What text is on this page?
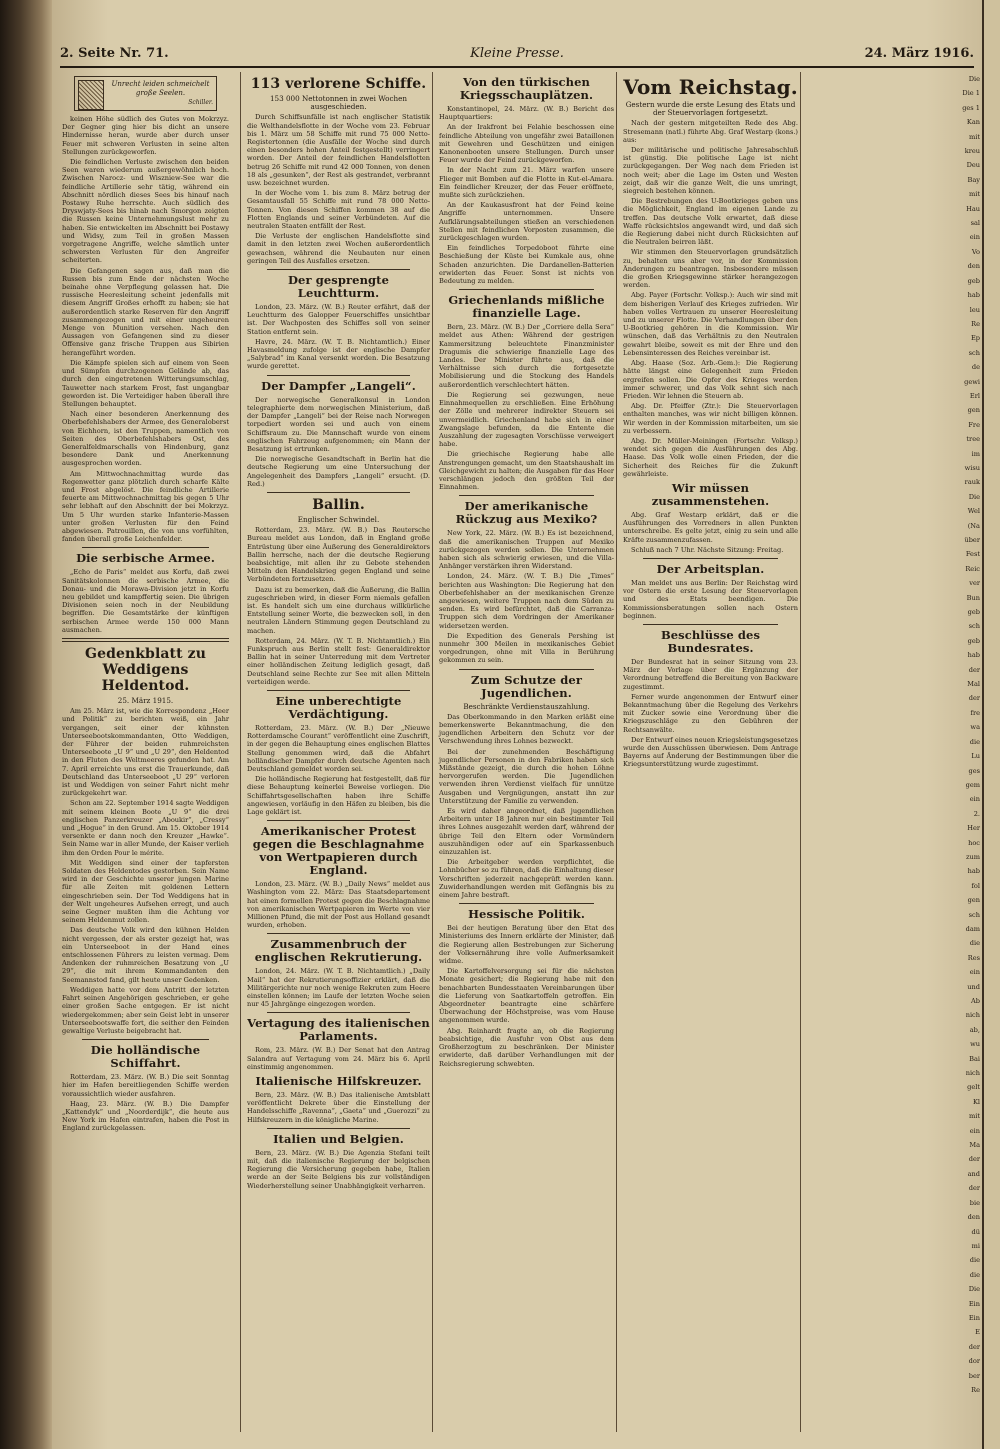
2. Seite Nr. 71.	Kleine Presse.	24. März 1916.
Unrecht leiden schmeichelt große Seelen.
Schiller.

keinen Höhe südlich des Gutes von Mokrzyz. Der Gegner ging hier bis dicht an unsere Hindernisse heran, wurde aber durch unser Feuer mit schweren Verlusten in seine alten Stellungen zurückgeworfen.

Die feindlichen Verluste zwischen den beiden Seen waren wiederum außergewöhnlich hoch. Zwischen Narocz- und Wiszniew-See war die feindliche Artillerie sehr tätig, während ein Abschnitt nördlich dieses Sees bis hinauf nach Postawy Ruhe herrschte. Auch südlich des Dryswjaty-Sees bis hinab nach Smorgon zeigten die Russen keine Unternehmungslust mehr zu haben. Sie entwickelten im Abschnitt bei Postawy und Widsy, zum Teil in großen Massen vorgetragene Angriffe, welche sämtlich unter schwersten Verlusten für den Angreifer scheiterten.

Die Gefangenen sagen aus, daß man die Russen bis zum Ende der nächsten Woche beinahe ohne Verpflegung gelassen hat. Die russische Heeresleitung scheint jedenfalls mit diesem Angriff Großes erhofft zu haben; sie hat außerordentlich starke Reserven für den Angriff zusammengezogen und mit einer ungeheuren Menge von Munition versehen. Nach den Aussagen von Gefangenen sind zu dieser Offensive ganz frische Truppen aus Sibirien herangeführt worden.

Die Kämpfe spielen sich auf einem von Seen und Sümpfen durchzogenen Gelände ab, das durch den eingetretenen Witterungsumschlag, Tauwetter nach starkem Frost, fast ungangbar geworden ist. Die Verteidiger haben überall ihre Stellungen behauptet.

Nach einer besonderen Anerkennung des Oberbefehlshabers der Armee, des Generaloberst von Eichhorn, ist den Truppen, namentlich von Seiten des Oberbefehlshabers Ost, des Generalfeldmarschalls von Hindenburg, ganz besondere Dank und Anerkennung ausgesprochen worden.

Am Mittwochnachmittag wurde das Regenwetter ganz plötzlich durch scharfe Kälte und Frost abgelöst. Die feindliche Artillerie feuerte am Mittwochnachmittag bis gegen 5 Uhr sehr lebhaft auf den Abschnitt der bei Mokrzyz. Um 5 Uhr wurden starke Infanterie-Massen unter großen Verlusten für den Feind abgewiesen. Patrouillen, die von uns vorfühlten, fanden überall große Leichenfelder.

Die serbische Armee.

„Echo de Paris“ meldet aus Korfu, daß zwei Sanitätskolonnen die serbische Armee, die Donau- und die Morawa-Division jetzt in Korfu neu gebildet und kampffertig seien. Die übrigen Divisionen seien noch in der Neubildung begriffen. Die Gesamtstärke der künftigen serbischen Armee werde 150 000 Mann ausmachen.

Gedenkblatt zu Weddigens Heldentod.
25. März 1915.

Am 25. März ist, wie die Korrespondenz „Heer und Politik“ zu berichten weiß, ein Jahr vergangen, seit einer der kühnsten Unterseebootskommandanten, Otto Weddigen, der Führer der beiden ruhmreichsten Unterseeboote „U 9“ und „U 29“, den Heldentod in den Fluten des Weltmeeres gefunden hat. Am 7. April erreichte uns erst die Trauerkunde, daß Deutschland das Unterseeboot „U 29“ verloren ist und Weddigen von seiner Fahrt nicht mehr zurückgekehrt war.

Schon am 22. September 1914 sagte Weddigen mit seinem kleinen Boote „U 9“ die drei englischen Panzerkreuzer „Aboukir“, „Cressy“ und „Hogue“ in den Grund. Am 15. Oktober 1914 versenkte er dann noch den Kreuzer „Hawke“. Sein Name war in aller Munde, der Kaiser verlieh ihm den Orden Pour le mérite.

Mit Weddigen sind einer der tapfersten Soldaten des Heldentodes gestorben. Sein Name wird in der Geschichte unserer jungen Marine für alle Zeiten mit goldenen Lettern eingeschrieben sein. Der Tod Weddigens hat in der Welt ungeheures Aufsehen erregt, und auch seine Gegner mußten ihm die Achtung vor seinem Heldenmut zollen.

Das deutsche Volk wird den kühnen Helden nicht vergessen, der als erster gezeigt hat, was ein Unterseeboot in der Hand eines entschlossenen Führers zu leisten vermag. Dem Andenken der ruhmreichen Besatzung von „U 29“, die mit ihrem Kommandanten den Seemannstod fand, gilt heute unser Gedenken.

Weddigen hatte vor dem Antritt der letzten Fahrt seinen Angehörigen geschrieben, er gehe einer großen Sache entgegen. Er ist nicht wiedergekommen; aber sein Geist lebt in unserer Unterseebootswaffe fort, die seither den Feinden gewaltige Verluste beigebracht hat.

Die holländische Schiffahrt.

Rotterdam, 23. März. (W. B.) Die seit Sonntag hier im Hafen bereitliegenden Schiffe werden voraussichtlich wieder ausfahren.

Haag, 23. März. (W. B.) Die Dampfer „Kattendyk“ und „Noorderdijk“, die heute aus New York im Hafen eintrafen, haben die Post in England zurückgelassen.

113 verlorene Schiffe.
153 000 Nettotonnen in zwei Wochen ausgeschieden.

Durch Schiffsunfälle ist nach englischer Statistik die Welthandelsflotte in der Woche vom 23. Februar bis 1. März um 58 Schiffe mit rund 75 000 Netto-Registertonnen (die Ausfälle der Woche sind durch einen besonders hohen Anteil festgestellt) verringert worden. Der Anteil der feindlichen Handelsflotten betrug 26 Schiffe mit rund 42 000 Tonnen, von denen 18 als „gesunken“, der Rest als gestrandet, verbrannt usw. bezeichnet wurden.

In der Woche vom 1. bis zum 8. März betrug der Gesamtausfall 55 Schiffe mit rund 78 000 Netto-Tonnen. Von diesen Schiffen kommen 38 auf die Flotten Englands und seiner Verbündeten. Auf die neutralen Staaten entfällt der Rest.

Die Verluste der englischen Handelsflotte sind damit in den letzten zwei Wochen außerordentlich gewachsen, während die Neubauten nur einen geringen Teil des Ausfalles ersetzen.

Der gesprengte Leuchtturm.

London, 23. März. (W. B.) Reuter erfährt, daß der Leuchtturm des Galopper Feuerschiffes unsichtbar ist. Der Wachposten des Schiffes soll von seiner Station entfernt sein.

Havre, 24. März. (W. T. B. Nichtamtlich.) Einer Havasmeldung zufolge ist der englische Dampfer „Salybrad“ im Kanal versenkt worden. Die Besatzung wurde gerettet.

Der Dampfer „Langeli“.

Der norwegische Generalkonsul in London telegraphierte dem norwegischen Ministerium, daß der Dampfer „Langeli“ bei der Reise nach Norwegen torpediert worden sei und auch von einem Schiffsraum zu. Die Mannschaft wurde von einem englischen Fahrzeug aufgenommen; ein Mann der Besatzung ist ertrunken.

Die norwegische Gesandtschaft in Berlin hat die deutsche Regierung um eine Untersuchung der Angelegenheit des Dampfers „Langeli“ ersucht. (D. Red.)

Ballin.
Englischer Schwindel.

Rotterdam, 23. März. (W. B.) Das Reutersche Bureau meldet aus London, daß in England große Entrüstung über eine Äußerung des Generaldirektors Ballin herrsche, nach der die deutsche Regierung beabsichtige, mit allen ihr zu Gebote stehenden Mitteln den Handelskrieg gegen England und seine Verbündeten fortzusetzen.

Dazu ist zu bemerken, daß die Äußerung, die Ballin zugeschrieben wird, in dieser Form niemals gefallen ist. Es handelt sich um eine durchaus willkürliche Entstellung seiner Worte, die bezwecken soll, in den neutralen Ländern Stimmung gegen Deutschland zu machen.

Rotterdam, 24. März. (W. T. B. Nichtamtlich.) Ein Funkspruch aus Berlin stellt fest: Generaldirektor Ballin hat in seiner Unterredung mit dem Vertreter einer holländischen Zeitung lediglich gesagt, daß Deutschland seine Rechte zur See mit allen Mitteln verteidigen werde.

Eine unberechtigte Verdächtigung.

Rotterdam, 23. März. (W. B.) Der „Nieuwe Rotterdamsche Courant“ veröffentlicht eine Zuschrift, in der gegen die Behauptung eines englischen Blattes Stellung genommen wird, daß die Abfahrt holländischer Dampfer durch deutsche Agenten nach Deutschland gemeldet worden sei.

Die holländische Regierung hat festgestellt, daß für diese Behauptung keinerlei Beweise vorliegen. Die Schiffahrtsgesellschaften haben ihre Schiffe angewiesen, vorläufig in den Häfen zu bleiben, bis die Lage geklärt ist.

Amerikanischer Protest gegen die Beschlagnahme von Wertpapieren durch England.

London, 23. März. (W. B.) „Daily News“ meldet aus Washington vom 22. März: Das Staatsdepartement hat einen formellen Protest gegen die Beschlagnahme von amerikanischen Wertpapieren im Werte von vier Millionen Pfund, die mit der Post aus Holland gesandt wurden, erhoben.

Zusammenbruch der englischen Rekrutierung.

London, 24. März. (W. T. B. Nichtamtlich.) „Daily Mail“ hat der Rekrutierungsoffizier erklärt, daß die Militärgerichte nur noch wenige Rekruten zum Heere einstellen können; im Laufe der letzten Woche seien nur 45 Jahrgänge eingezogen worden.

Vertagung des italienischen Parlaments.

Rom, 23. März. (W. B.) Der Senat hat den Antrag Salandra auf Vertagung vom 24. März bis 6. April einstimmig angenommen.

Italienische Hilfskreuzer.

Bern, 23. März. (W. B.) Das italienische Amtsblatt veröffentlicht Dekrete über die Einstellung der Handelsschiffe „Ravenna“, „Gaeta“ und „Guerozzi“ zu Hilfskreuzern in die königliche Marine.

Italien und Belgien.

Bern, 23. März. (W. B.) Die Agenzia Stefani teilt mit, daß die italienische Regierung der belgischen Regierung die Versicherung gegeben habe, Italien werde an der Seite Belgiens bis zur vollständigen Wiederherstellung seiner Unabhängigkeit verharren.

Von den türkischen Kriegsschauplätzen.

Konstantinopel, 24. März. (W. B.) Bericht des Hauptquartiers:

An der Irakfront bei Felahie beschossen eine feindliche Abteilung von ungefähr zwei Bataillonen mit Gewehren und Geschützen und einigen Kanonenbooten unsere Stellungen. Durch unser Feuer wurde der Feind zurückgeworfen.

In der Nacht zum 21. März warfen unsere Flieger mit Bomben auf die Flotte in Kut-el-Amara. Ein feindlicher Kreuzer, der das Feuer eröffnete, mußte sich zurückziehen.

An der Kaukasusfront hat der Feind keine Angriffe unternommen. Unsere Aufklärungsabteilungen stießen an verschiedenen Stellen mit feindlichen Vorposten zusammen, die zurückgeschlagen wurden.

Ein feindliches Torpedoboot führte eine Beschießung der Küste bei Kumkale aus, ohne Schaden anzurichten. Die Dardanellen-Batterien erwiderten das Feuer. Sonst ist nichts von Bedeutung zu melden.

Griechenlands mißliche finanzielle Lage.

Bern, 23. März. (W. B.) Der „Corriere della Sera“ meldet aus Athen: Während der gestrigen Kammersitzung beleuchtete Finanzminister Dragumis die schwierige finanzielle Lage des Landes. Der Minister führte aus, daß die Verhältnisse sich durch die fortgesetzte Mobilisierung und die Stockung des Handels außerordentlich verschlechtert hätten.

Die Regierung sei gezwungen, neue Einnahmequellen zu erschließen. Eine Erhöhung der Zölle und mehrerer indirekter Steuern sei unvermeidlich. Griechenland habe sich in einer Zwangslage befunden, da die Entente die Auszahlung der zugesagten Vorschüsse verweigert habe.

Die griechische Regierung habe alle Anstrengungen gemacht, um den Staatshaushalt im Gleichgewicht zu halten; die Ausgaben für das Heer verschlängen jedoch den größten Teil der Einnahmen.

Der amerikanische Rückzug aus Mexiko?

New York, 22. März. (W. B.) Es ist bezeichnend, daß die amerikanischen Truppen auf Mexiko zurückgezogen werden sollen. Die Unternehmen haben sich als schwierig erwiesen, und die Villa-Anhänger verstärken ihren Widerstand.

London, 24. März. (W. T. B.) Die „Times“ berichten aus Washington: Die Regierung hat den Oberbefehlshaber an der mexikanischen Grenze angewiesen, weitere Truppen nach dem Süden zu senden. Es wird befürchtet, daß die Carranza-Truppen sich dem Vordringen der Amerikaner widersetzen werden.

Die Expedition des Generals Pershing ist nunmehr 300 Meilen in mexikanisches Gebiet vorgedrungen, ohne mit Villa in Berührung gekommen zu sein.

Zum Schutze der Jugendlichen.
Beschränkte Verdienstauszahlung.

Das Oberkommando in den Marken erläßt eine bemerkenswerte Bekanntmachung, die den jugendlichen Arbeitern den Schutz vor der Verschwendung ihres Lohnes bezweckt.

Bei der zunehmenden Beschäftigung jugendlicher Personen in den Fabriken haben sich Mißstände gezeigt, die durch die hohen Löhne hervorgerufen werden. Die Jugendlichen verwenden ihren Verdienst vielfach für unnütze Ausgaben und Vergnügungen, anstatt ihn zur Unterstützung der Familie zu verwenden.

Es wird daher angeordnet, daß jugendlichen Arbeitern unter 18 Jahren nur ein bestimmter Teil ihres Lohnes ausgezahlt werden darf, während der übrige Teil den Eltern oder Vormündern auszuhändigen oder auf ein Sparkassenbuch einzuzahlen ist.

Die Arbeitgeber werden verpflichtet, die Lohnbücher so zu führen, daß die Einhaltung dieser Vorschriften jederzeit nachgeprüft werden kann. Zuwiderhandlungen werden mit Gefängnis bis zu einem Jahre bestraft.

Hessische Politik.

Bei der heutigen Beratung über den Etat des Ministeriums des Innern erklärte der Minister, daß die Regierung allen Bestrebungen zur Sicherung der Volksernährung ihre volle Aufmerksamkeit widme.

Die Kartoffelversorgung sei für die nächsten Monate gesichert; die Regierung habe mit den benachbarten Bundesstaaten Vereinbarungen über die Lieferung von Saatkartoffeln getroffen. Ein Abgeordneter beantragte eine schärfere Überwachung der Höchstpreise, was vom Hause angenommen wurde.

Abg. Reinhardt fragte an, ob die Regierung beabsichtige, die Ausfuhr von Obst aus dem Großherzogtum zu beschränken. Der Minister erwiderte, daß darüber Verhandlungen mit der Reichsregierung schwebten.

Vom Reichstag.
Gestern wurde die erste Lesung des Etats und der Steuervorlagen fortgesetzt.

Nach der gestern mitgeteilten Rede des Abg. Stresemann (natl.) führte Abg. Graf Westarp (kons.) aus:

Der militärische und politische Jahresabschluß ist günstig. Die politische Lage ist nicht zurückgegangen. Der Weg nach dem Frieden ist noch weit; aber die Lage im Osten und Westen zeigt, daß wir die ganze Welt, die uns umringt, siegreich bestehen können.

Die Bestrebungen des U-Bootkrieges geben uns die Möglichkeit, England im eigenen Lande zu treffen. Das deutsche Volk erwartet, daß diese Waffe rücksichtslos angewandt wird, und daß sich die Regierung dabei nicht durch Rücksichten auf die Neutralen beirren läßt.

Wir stimmen den Steuervorlagen grundsätzlich zu, behalten uns aber vor, in der Kommission Änderungen zu beantragen. Insbesondere müssen die großen Kriegsgewinne stärker herangezogen werden.

Abg. Payer (Fortschr. Volksp.): Auch wir sind mit dem bisherigen Verlauf des Krieges zufrieden. Wir haben volles Vertrauen zu unserer Heeresleitung und zu unserer Flotte. Die Verhandlungen über den U-Bootkrieg gehören in die Kommission. Wir wünschen, daß das Verhältnis zu den Neutralen gewahrt bleibe, soweit es mit der Ehre und den Lebensinteressen des Reiches vereinbar ist.

Abg. Haase (Soz. Arb.-Gem.): Die Regierung hätte längst eine Gelegenheit zum Frieden ergreifen sollen. Die Opfer des Krieges werden immer schwerer, und das Volk sehnt sich nach Frieden. Wir lehnen die Steuern ab.

Abg. Dr. Pfeiffer (Ztr.): Die Steuervorlagen enthalten manches, was wir nicht billigen können. Wir werden in der Kommission mitarbeiten, um sie zu verbessern.

Abg. Dr. Müller-Meiningen (Fortschr. Volksp.) wendet sich gegen die Ausführungen des Abg. Haase. Das Volk wolle einen Frieden, der die Sicherheit des Reiches für die Zukunft gewährleiste.

Wir müssen zusammenstehen.

Abg. Graf Westarp erklärt, daß er die Ausführungen des Vorredners in allen Punkten unterschreibe. Es gelte jetzt, einig zu sein und alle Kräfte zusammenzufassen.

Schluß nach 7 Uhr. Nächste Sitzung: Freitag.

Der Arbeitsplan.

Man meldet uns aus Berlin: Der Reichstag wird vor Ostern die erste Lesung der Steuervorlagen und des Etats beendigen. Die Kommissionsberatungen sollen nach Ostern beginnen.

Beschlüsse des Bundesrates.

Der Bundesrat hat in seiner Sitzung vom 23. März der Vorlage über die Ergänzung der Verordnung betreffend die Bereitung von Backware zugestimmt.

Ferner wurde angenommen der Entwurf einer Bekanntmachung über die Regelung des Verkehrs mit Zucker sowie eine Verordnung über die Kriegszuschläge zu den Gebühren der Rechtsanwälte.

Der Entwurf eines neuen Kriegsleistungsgesetzes wurde den Ausschüssen überwiesen. Dem Antrage Bayerns auf Änderung der Bestimmungen über die Kriegsunterstützung wurde zugestimmt.

Die
Die 1
ges 1
Kan
mit
kreu
Deu
Bay
mit
Hau
sal
ein
Vo
den
geb
hab
leu
Re
Ep
sch
de
gewi
Erl
gen
Fre
tree
im
wisu
rauk
Die
Wel
(Na
über
Fest
Reic
ver
Bun
geb
sch
geb
hab
der
Mal
der
fre
wa
die
Lu
ges
gem
ein
2.
Her
hoc
zum
hab
fol
gen
sch
dam
die
Res
ein
und
Ab
nich
ab,
wu
Bai
nich
gelt
Kl
mit
ein
Ma
der
and
der
bie
den
dü
mi
die
die
Die
Ein
Ein
E
der
dor
ber
Re
